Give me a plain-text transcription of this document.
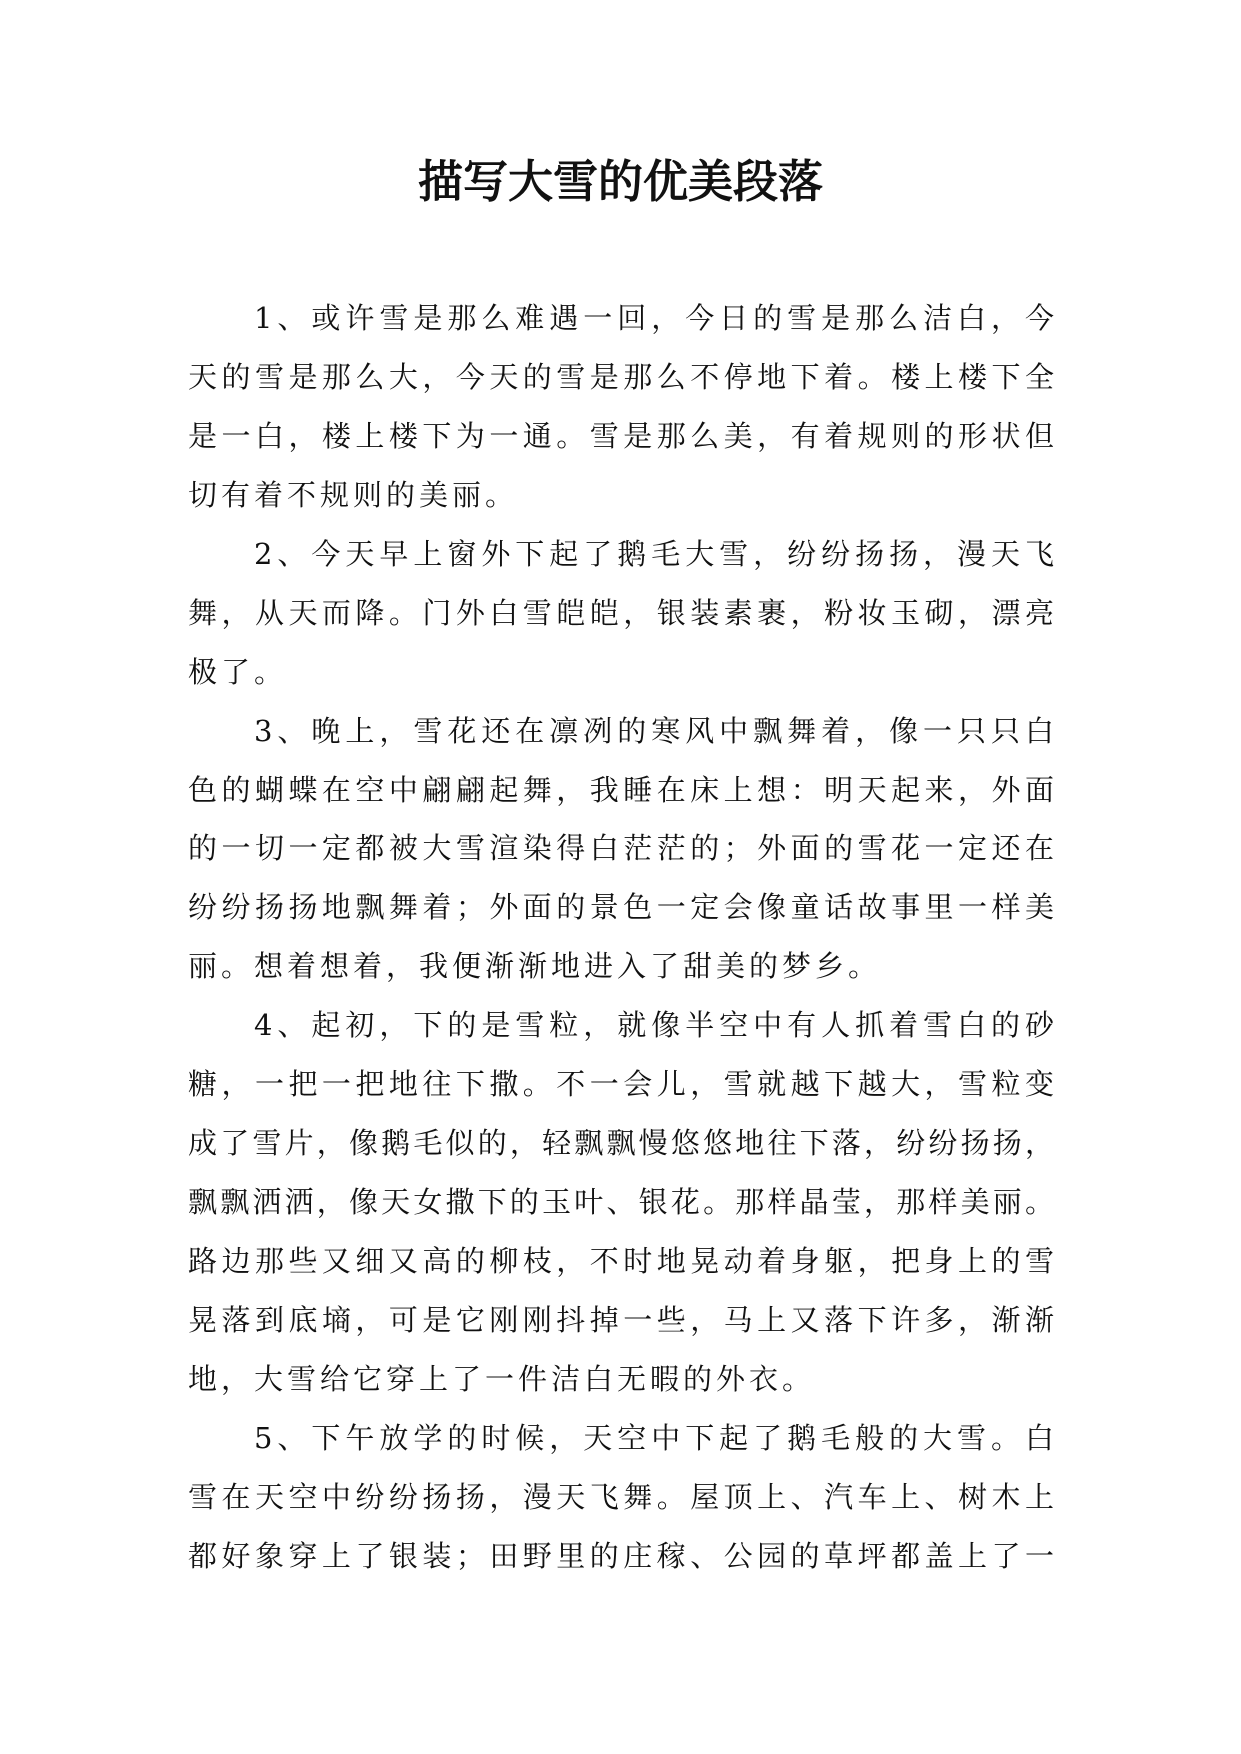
描写大雪的优美段落
1、或许雪是那么难遇一回，今日的雪是那么洁白，今
天的雪是那么大，今天的雪是那么不停地下着。楼上楼下全
是一白，楼上楼下为一通。雪是那么美，有着规则的形状但
切有着不规则的美丽。
2、今天早上窗外下起了鹅毛大雪，纷纷扬扬，漫天飞
舞，从天而降。门外白雪皑皑，银装素裹，粉妆玉砌，漂亮
极了。
3、晚上，雪花还在凛冽的寒风中飘舞着，像一只只白
色的蝴蝶在空中翩翩起舞，我睡在床上想：明天起来，外面
的一切一定都被大雪渲染得白茫茫的；外面的雪花一定还在
纷纷扬扬地飘舞着；外面的景色一定会像童话故事里一样美
丽。想着想着，我便渐渐地进入了甜美的梦乡。
4、起初，下的是雪粒，就像半空中有人抓着雪白的砂
糖，一把一把地往下撒。不一会儿，雪就越下越大，雪粒变
成了雪片，像鹅毛似的，轻飘飘慢悠悠地往下落，纷纷扬扬，
飘飘洒洒，像天女撒下的玉叶、银花。那样晶莹，那样美丽。
路边那些又细又高的柳枝，不时地晃动着身躯，把身上的雪
晃落到底墒，可是它刚刚抖掉一些，马上又落下许多，渐渐
地，大雪给它穿上了一件洁白无暇的外衣。
5、下午放学的时候，天空中下起了鹅毛般的大雪。白
雪在天空中纷纷扬扬，漫天飞舞。屋顶上、汽车上、树木上
都好象穿上了银装；田野里的庄稼、公园的草坪都盖上了一
